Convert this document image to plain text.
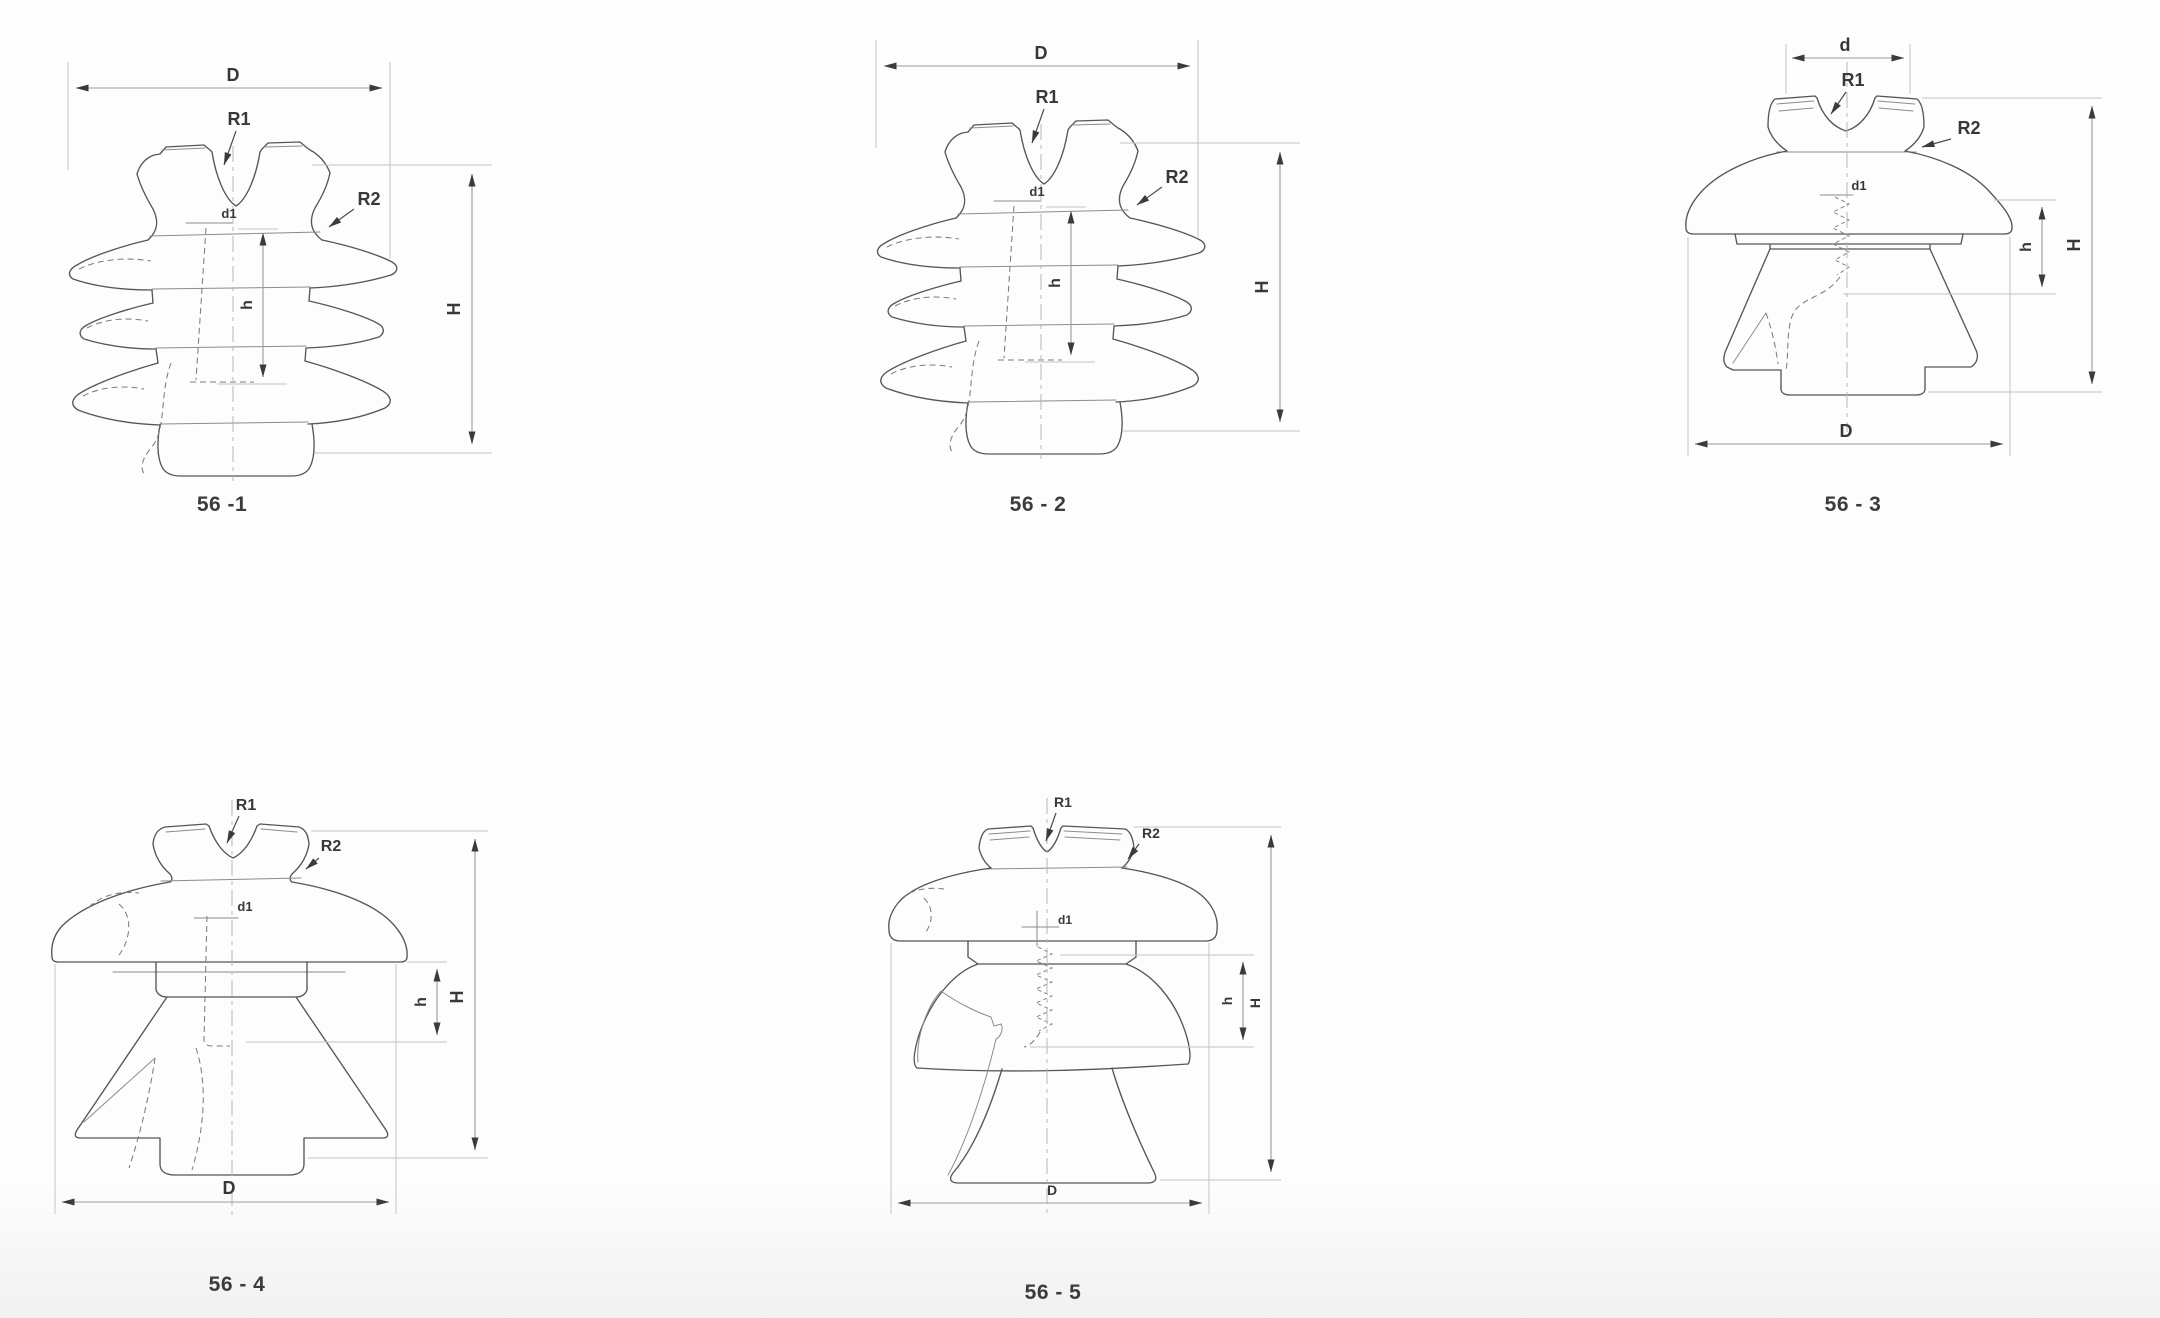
D
R1
R2
d1
h	H
56 -1	56 - 2
d
R1
R2
d1
h H
D
56 - 3
R1
R2
d1
h H
D
56 - 4
R1
R2
d1
h H
D
56 - 5
